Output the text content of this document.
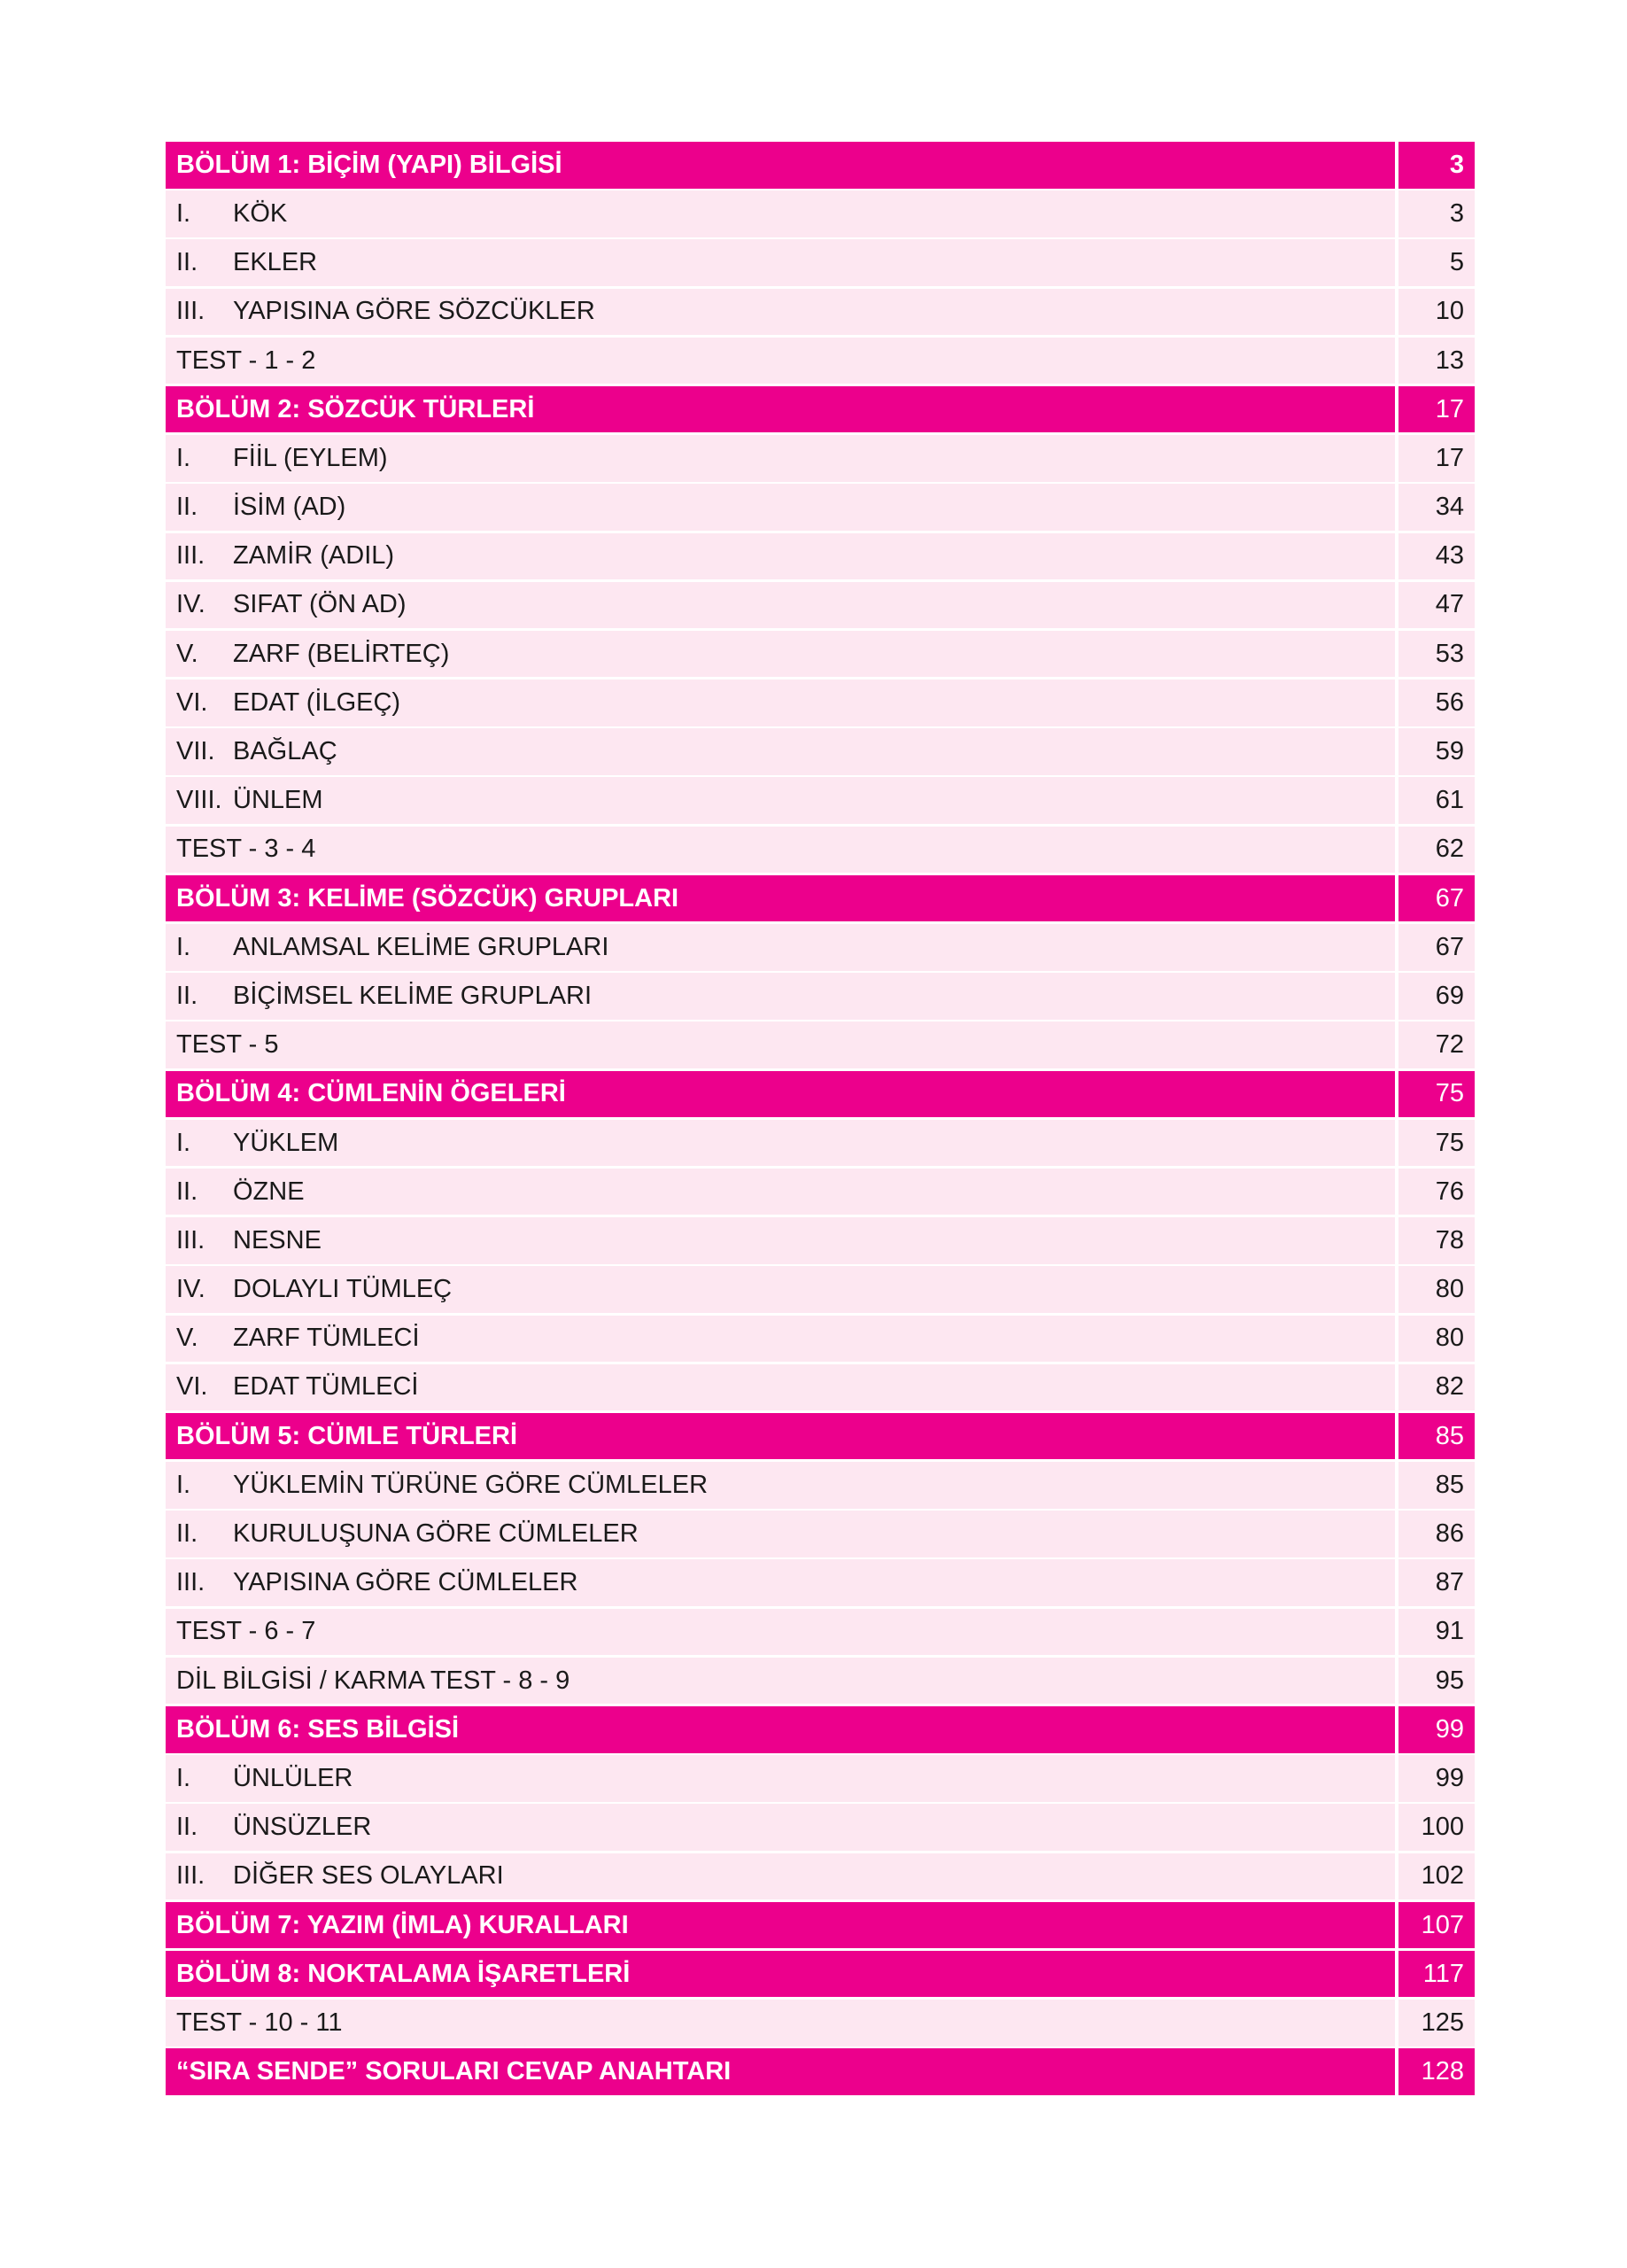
BÖLÜM 1: BİÇİM (YAPI) BİLGİSİ	3
I.	KÖK	3
II.	EKLER	5
III.	YAPISINA GÖRE SÖZCÜKLER	10
TEST - 1 - 2	13
BÖLÜM 2: SÖZCÜK TÜRLERİ	17
I.	FİİL (EYLEM)	17
II.	İSİM (AD)	34
III.	ZAMİR (ADIL)	43
IV.	SIFAT (ÖN AD)	47
V.	ZARF (BELİRTEÇ)	53
VI. EDAT (İLGEÇ)	56
VII. BAĞLAÇ	59
VIII. ÜNLEM	61
TEST - 3 - 4	62
BÖLÜM 3: KELİME (SÖZCÜK) GRUPLARI	67
I.	ANLAMSAL KELİME GRUPLARI	67
II.	BİÇİMSEL KELİME GRUPLARI	69
TEST - 5	72
BÖLÜM 4: CÜMLENİN ÖGELERİ	75
I.	YÜKLEM	75
II.	ÖZNE	76
III.	NESNE	78
IV.	DOLAYLI TÜMLEÇ	80
V.	ZARF TÜMLECİ	80
VI. EDAT TÜMLECİ	82
BÖLÜM 5: CÜMLE TÜRLERİ	85
I.	YÜKLEMİN TÜRÜNE GÖRE CÜMLELER	85
II.	KURULUŞUNA GÖRE CÜMLELER	86
III.	YAPISINA GÖRE CÜMLELER	87
TEST - 6 - 7	91
DİL BİLGİSİ / KARMA TEST - 8 - 9	95
BÖLÜM 6: SES BİLGİSİ	99
I.	ÜNLÜLER	99
II.	ÜNSÜZLER	100
III.	DİĞER SES OLAYLARI	102
BÖLÜM 7: YAZIM (İMLA) KURALLARI	107
BÖLÜM 8: NOKTALAMA İŞARETLERİ	117
TEST - 10 - 11	125
“SIRA SENDE” SORULARI CEVAP ANAHTARI	128
